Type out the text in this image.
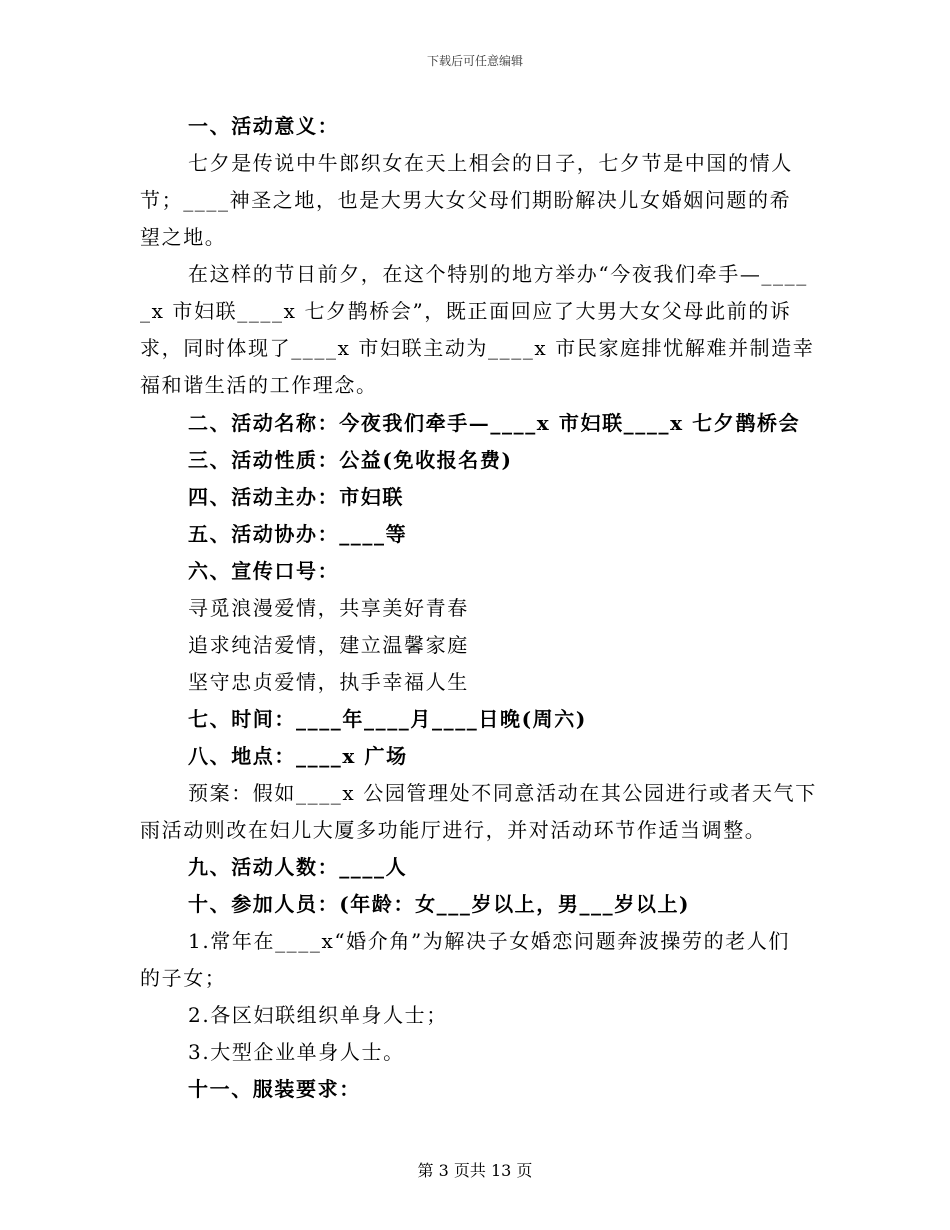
下载后可任意编辑
一、活动意义：
七夕是传说中牛郎织女在天上相会的日子，七夕节是中国的情人
节；____神圣之地，也是大男大女父母们期盼解决儿女婚姻问题的希
望之地。
在这样的节日前夕，在这个特别的地方举办“今夜我们牵手—____
_x 市妇联____x 七夕鹊桥会”，既正面回应了大男大女父母此前的诉
求，同时体现了____x 市妇联主动为____x 市民家庭排忧解难并制造幸
福和谐生活的工作理念。
二、活动名称：今夜我们牵手—____x 市妇联____x 七夕鹊桥会
三、活动性质：公益(免收报名费)
四、活动主办：市妇联
五、活动协办：____等
六、宣传口号：
寻觅浪漫爱情，共享美好青春
追求纯洁爱情，建立温馨家庭
坚守忠贞爱情，执手幸福人生
七、时间：____年____月____日晚(周六)
八、地点：____x 广场
预案：假如____x 公园管理处不同意活动在其公园进行或者天气下
雨活动则改在妇儿大厦多功能厅进行，并对活动环节作适当调整。
九、活动人数：____人
十、参加人员：(年龄：女___岁以上，男___岁以上)
1.常年在____x“婚介角”为解决子女婚恋问题奔波操劳的老人们
的子女；
2.各区妇联组织单身人士；
3.大型企业单身人士。
十一、服装要求：
第 3 页共 13 页
